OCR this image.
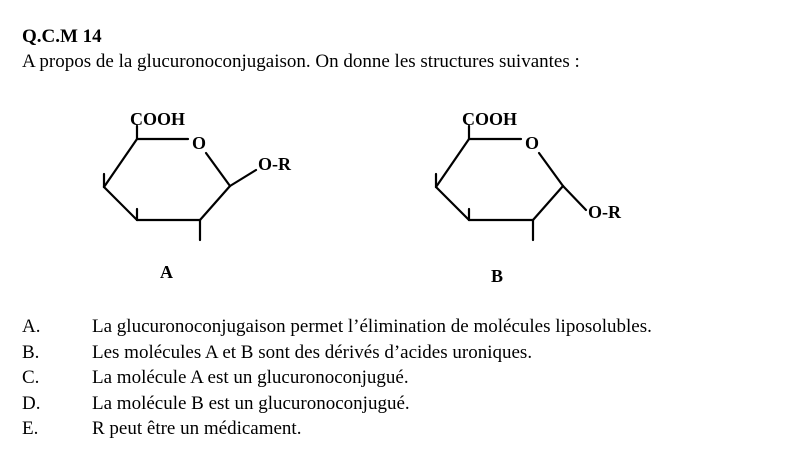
Q.C.M 14
A propos de la glucuronoconjugaison. On donne les structures suivantes :
COOH
O
O-R
A
COOH
O
O-R
B
A.	La glucuronoconjugaison permet l’élimination de molécules liposolubles.
B.	Les molécules A et B sont des dérivés d’acides uroniques.
C.	La molécule A est un glucuronoconjugué.
D.	La molécule B est un glucuronoconjugué.
E.	R peut être un médicament.
